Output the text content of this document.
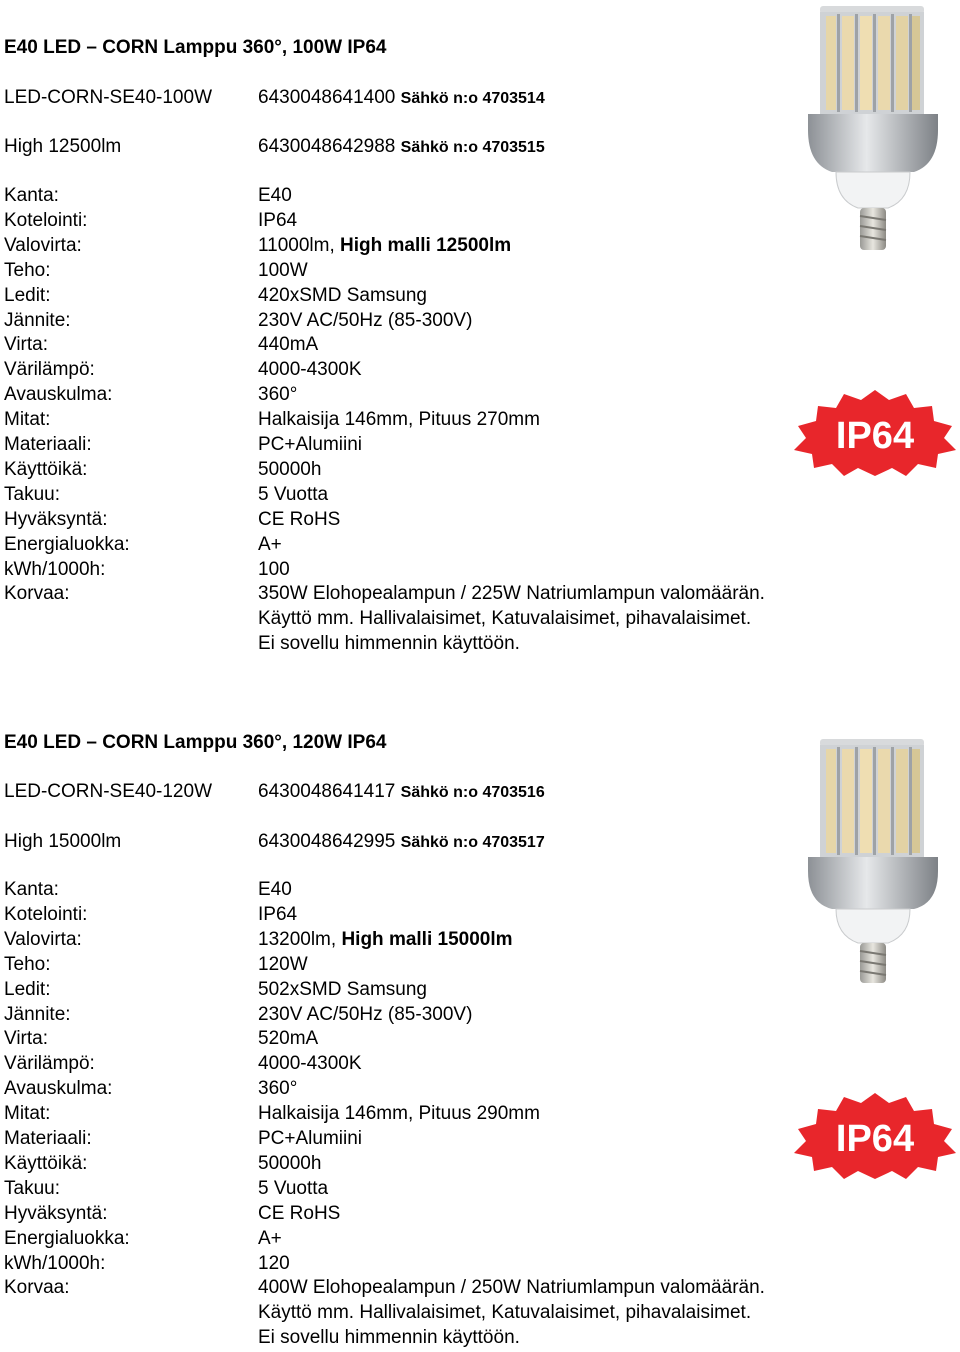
E40 LED – CORN Lamppu 360°, 100W IP64
LED-CORN-SE40-100W 6430048641400 Sähkö n:o 4703514
High 12500lm	6430048642988 Sähkö n:o 4703515
Kanta:	E40
Kotelointi:	IP64
Valovirta:	11000lm, High malli 12500lm
Teho:	100W
Ledit:	420xSMD Samsung
Jännite:	230V AC/50Hz (85-300V)
Virta:	440mA
Värilämpö:	4000-4300K
Avauskulma:	360°
Mitat:	Halkaisija 146mm, Pituus 270mm
Materiaali:	PC+Alumiini
Käyttöikä:	50000h
Takuu:	5 Vuotta
Hyväksyntä:	CE RoHS
Energialuokka:	A+
kWh/1000h:	100
Korvaa:	350W Elohopealampun / 225W Natriumlampun valomäärän.
Käyttö mm. Hallivalaisimet, Katuvalaisimet, pihavalaisimet.
Ei sovellu himmennin käyttöön.
IP64
E40 LED – CORN Lamppu 360°, 120W IP64
LED-CORN-SE40-120W 6430048641417 Sähkö n:o 4703516
High 15000lm	6430048642995 Sähkö n:o 4703517
Kanta:	E40
Kotelointi:	IP64
Valovirta:	13200lm, High malli 15000lm
Teho:	120W
Ledit:	502xSMD Samsung
Jännite:	230V AC/50Hz (85-300V)
Virta:	520mA
Värilämpö:	4000-4300K
Avauskulma:	360°
Mitat:	Halkaisija 146mm, Pituus 290mm
Materiaali:	PC+Alumiini
Käyttöikä:	50000h
Takuu:	5 Vuotta
Hyväksyntä:	CE RoHS
Energialuokka:	A+
kWh/1000h:	120
Korvaa:	400W Elohopealampun / 250W Natriumlampun valomäärän.
Käyttö mm. Hallivalaisimet, Katuvalaisimet, pihavalaisimet.
Ei sovellu himmennin käyttöön.
IP64
